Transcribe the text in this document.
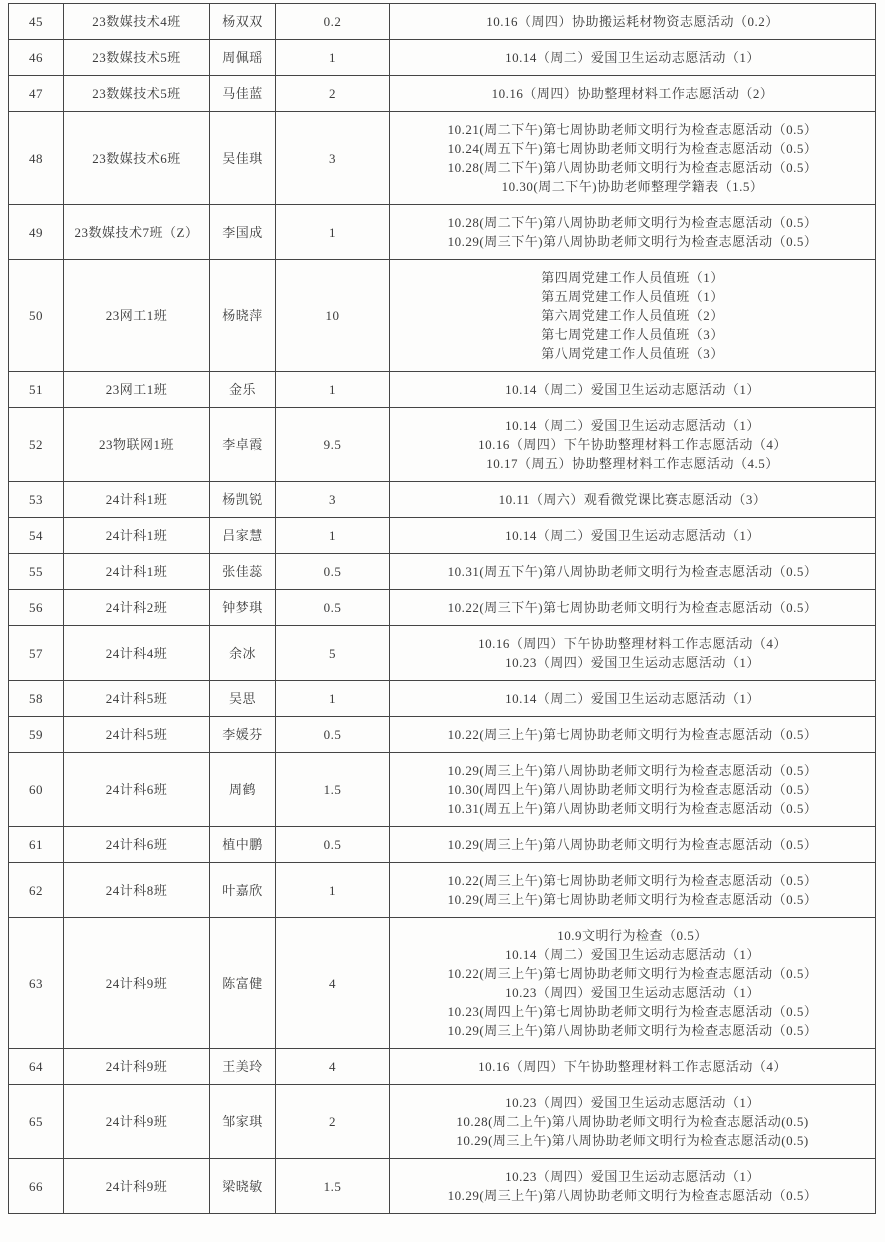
45	23数媒技术4班	杨双双	0.2	10.16（周四）协助搬运耗材物资志愿活动（0.2）

46	23数媒技术5班	周佩瑶	1	10.14（周二）爱国卫生运动志愿活动（1）

47	23数媒技术5班	马佳蓝	2	10.16（周四）协助整理材料工作志愿活动（2）

48	23数媒技术6班	吴佳琪	3	10.21(周二下午)第七周协助老师文明行为检查志愿活动（0.5）
10.24(周五下午)第七周协助老师文明行为检查志愿活动（0.5）
10.28(周二下午)第八周协助老师文明行为检查志愿活动（0.5）
10.30(周二下午)协助老师整理学籍表（1.5）

49	23数媒技术7班（Z）	李国成	1	10.28(周二下午)第八周协助老师文明行为检查志愿活动（0.5）
10.29(周三下午)第八周协助老师文明行为检查志愿活动（0.5）

50	23网工1班	杨晓萍	10	第四周党建工作人员值班（1）
第五周党建工作人员值班（1）
第六周党建工作人员值班（2）
第七周党建工作人员值班（3）
第八周党建工作人员值班（3）

51	23网工1班	金乐	1	10.14（周二）爱国卫生运动志愿活动（1）

52	23物联网1班	李卓霞	9.5	10.14（周二）爱国卫生运动志愿活动（1）
10.16（周四）下午协助整理材料工作志愿活动（4）
10.17（周五）协助整理材料工作志愿活动（4.5）

53	24计科1班	杨凯锐	3	10.11（周六）观看微党课比赛志愿活动（3）

54	24计科1班	吕家慧	1	10.14（周二）爱国卫生运动志愿活动（1）

55	24计科1班	张佳蕊	0.5	10.31(周五下午)第八周协助老师文明行为检查志愿活动（0.5）

56	24计科2班	钟梦琪	0.5	10.22(周三下午)第七周协助老师文明行为检查志愿活动（0.5）

57	24计科4班	余冰	5	10.16（周四）下午协助整理材料工作志愿活动（4）
10.23（周四）爱国卫生运动志愿活动（1）

58	24计科5班	吴思	1	10.14（周二）爱国卫生运动志愿活动（1）

59	24计科5班	李媛芬	0.5	10.22(周三上午)第七周协助老师文明行为检查志愿活动（0.5）

60	24计科6班	周鹤	1.5	10.29(周三上午)第八周协助老师文明行为检查志愿活动（0.5）
10.30(周四上午)第八周协助老师文明行为检查志愿活动（0.5）
10.31(周五上午)第八周协助老师文明行为检查志愿活动（0.5）

61	24计科6班	植中鹏	0.5	10.29(周三上午)第八周协助老师文明行为检查志愿活动（0.5）

62	24计科8班	叶嘉欣	1	10.22(周三上午)第七周协助老师文明行为检查志愿活动（0.5）
10.29(周三上午)第七周协助老师文明行为检查志愿活动（0.5）

63	24计科9班	陈富健	4	
10.9文明行为检查（0.5）
10.14（周二）爱国卫生运动志愿活动（1）
10.22(周三上午)第七周协助老师文明行为检查志愿活动（0.5）
10.23（周四）爱国卫生运动志愿活动（1）
10.23(周四上午)第七周协助老师文明行为检查志愿活动（0.5）
10.29(周三上午)第八周协助老师文明行为检查志愿活动（0.5）

64	24计科9班	王美玲	4	10.16（周四）下午协助整理材料工作志愿活动（4）

65	24计科9班	邹家琪	2	10.23（周四）爱国卫生运动志愿活动（1）
10.28(周二上午)第八周协助老师文明行为检查志愿活动(0.5)
10.29(周三上午)第八周协助老师文明行为检查志愿活动(0.5)

66	24计科9班	梁晓敏	1.5	10.23（周四）爱国卫生运动志愿活动（1）
10.29(周三上午)第八周协助老师文明行为检查志愿活动（0.5）
